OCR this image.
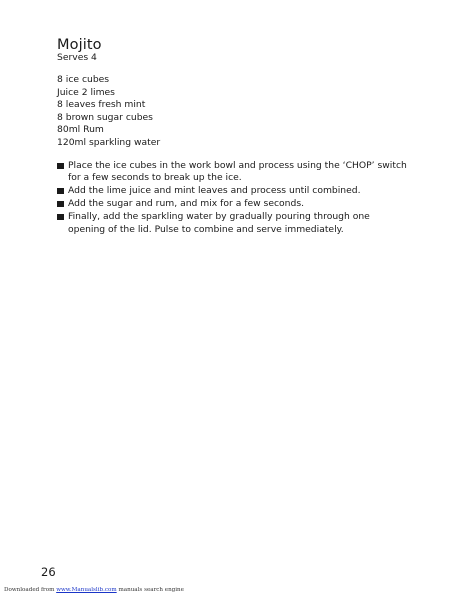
Mojito

Serves 4

8 ice cubes
Juice 2 limes
8 leaves fresh mint
8 brown sugar cubes
80ml Rum
120ml sparkling water
Place the ice cubes in the work bowl and process using the ‘CHOP’ switch for a few seconds to break up the ice.
Add the lime juice and mint leaves and process until combined.
Add the sugar and rum, and mix for a few seconds.
Finally, add the sparkling water by gradually pouring through one opening of the lid. Pulse to combine and serve immediately.
26
Downloaded from www.Manualslib.com manuals search engine
